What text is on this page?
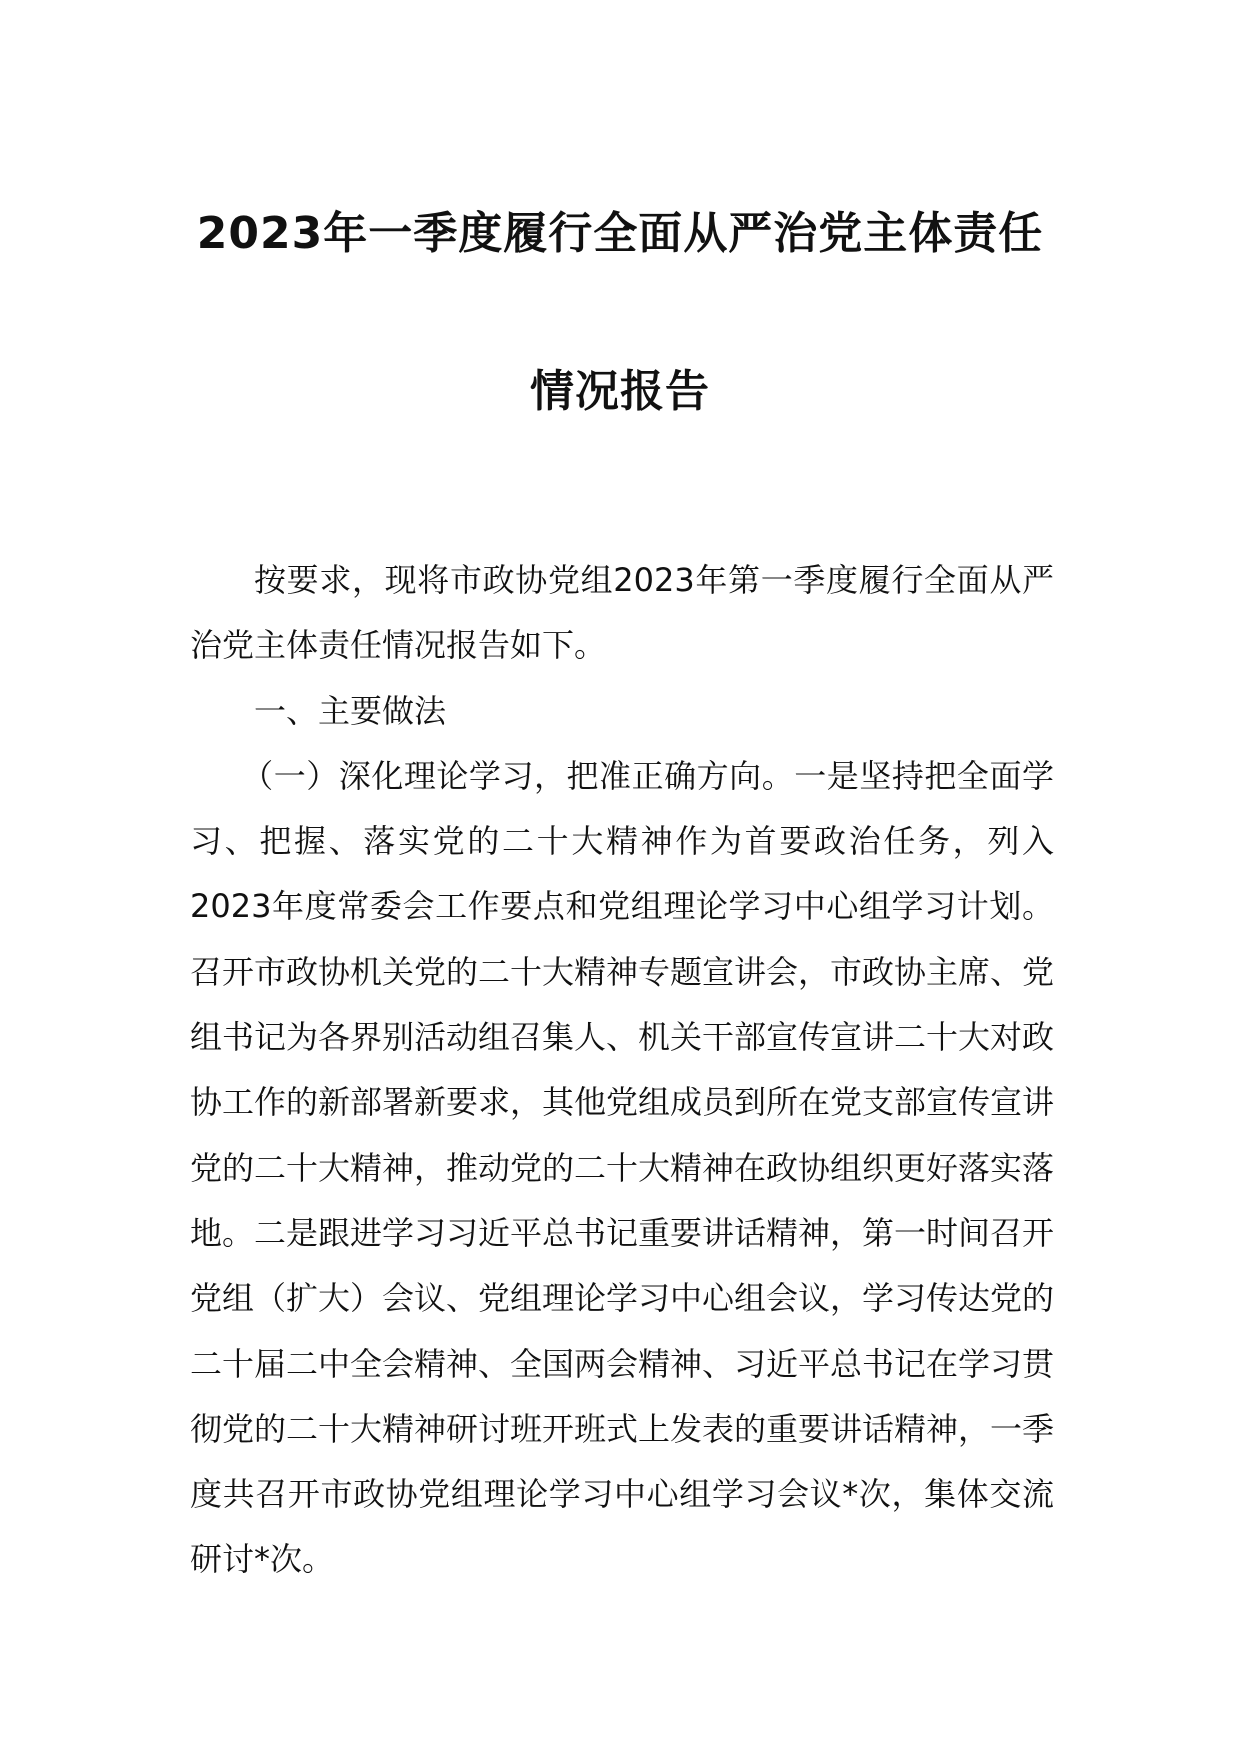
2023年一季度履行全面从严治党主体责任
情况报告

按要求，现将市政协党组2023年第一季度履行全面从严治党主体责任情况报告如下。

一、主要做法

（一）深化理论学习，把准正确方向。一是坚持把全面学习、把握、落实党的二十大精神作为首要政治任务，列入2023年度常委会工作要点和党组理论学习中心组学习计划。召开市政协机关党的二十大精神专题宣讲会，市政协主席、党组书记为各界别活动组召集人、机关干部宣传宣讲二十大对政协工作的新部署新要求，其他党组成员到所在党支部宣传宣讲党的二十大精神，推动党的二十大精神在政协组织更好落实落地。二是跟进学习习近平总书记重要讲话精神，第一时间召开党组（扩大）会议、党组理论学习中心组会议，学习传达党的二十届二中全会精神、全国两会精神、习近平总书记在学习贯彻党的二十大精神研讨班开班式上发表的重要讲话精神，一季度共召开市政协党组理论学习中心组学习会议*次，集体交流研讨*次。
